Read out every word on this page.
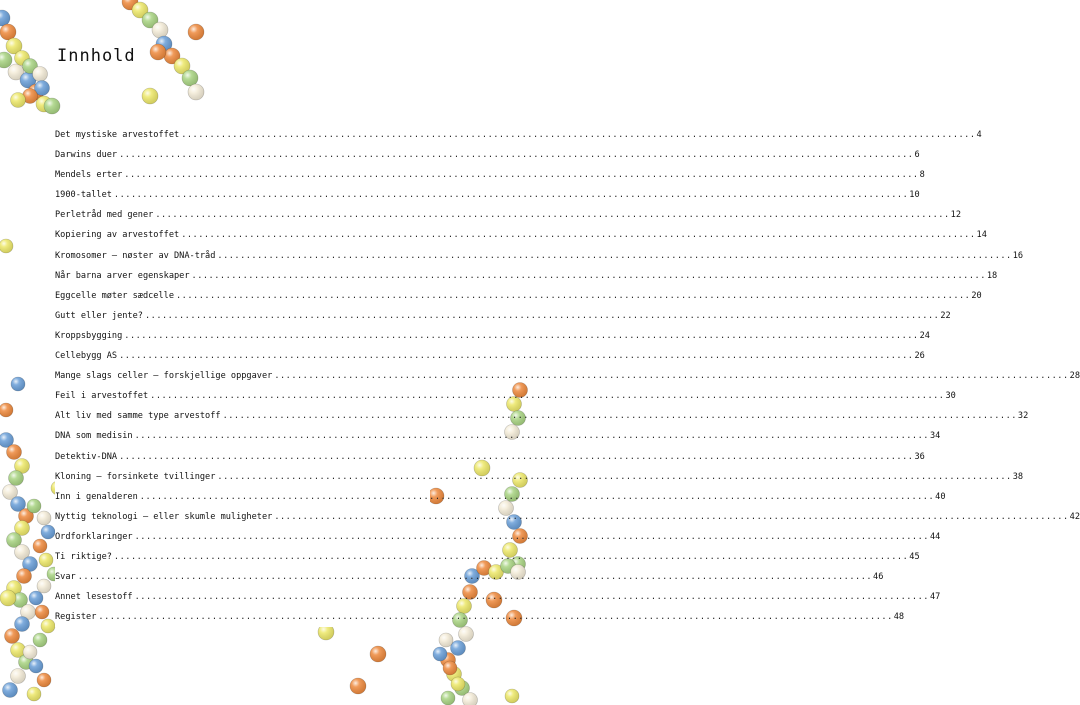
Innhold
Det mystiske arvestoffet ............................................................................................................................................ 4
Darwins duer ............................................................................................................................................ 6
Mendels erter ............................................................................................................................................ 8
1900-tallet ............................................................................................................................................ 10
Perletråd med gener ............................................................................................................................................ 12
Kopiering av arvestoffet ............................................................................................................................................ 14
Kromosomer – nøster av DNA-tråd ............................................................................................................................................ 16
Når barna arver egenskaper ............................................................................................................................................ 18
Eggcelle møter sædcelle ............................................................................................................................................ 20
Gutt eller jente? ............................................................................................................................................ 22
Kroppsbygging ............................................................................................................................................ 24
Cellebygg AS ............................................................................................................................................ 26
Mange slags celler – forskjellige oppgaver ............................................................................................................................................ 28
Feil i arvestoffet ............................................................................................................................................ 30
Alt liv med samme type arvestoff ............................................................................................................................................ 32
DNA som medisin ............................................................................................................................................ 34
Detektiv-DNA ............................................................................................................................................ 36
Kloning – forsinkete tvillinger ............................................................................................................................................ 38
Inn i genalderen ............................................................................................................................................ 40
Nyttig teknologi – eller skumle muligheter ............................................................................................................................................ 42
Ordforklaringer ............................................................................................................................................ 44
Ti riktige? ............................................................................................................................................ 45
Svar ............................................................................................................................................ 46
Annet lesestoff ............................................................................................................................................ 47
Register ............................................................................................................................................ 48
